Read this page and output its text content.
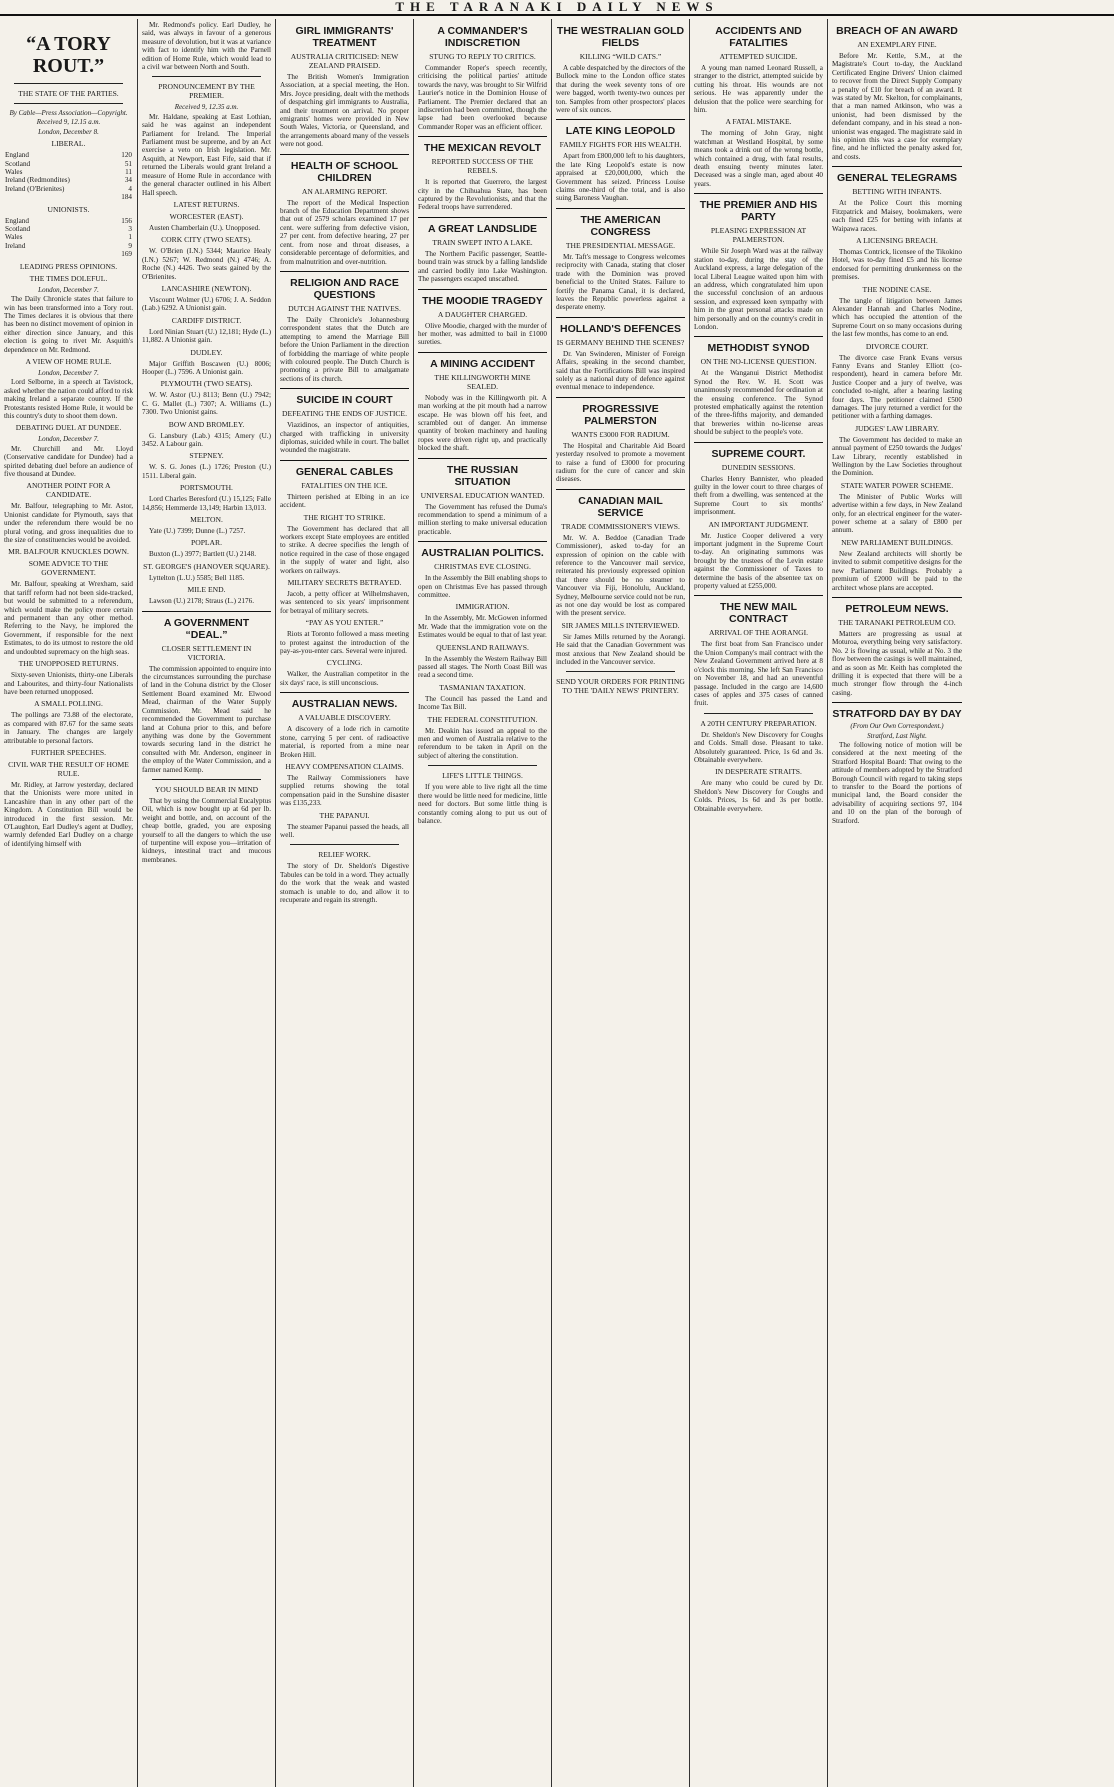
THE TARANAKI DAILY NEWS
“A TORY ROUT.”
THE STATE OF THE PARTIES.
By Cable—Press Association—Copyright.
Received 9, 12.15 a.m.
London, December 8.
LIBERAL.
England	120
Scotland	51
Wales	11
Ireland (Redmondites)	34
Ireland (O'Brienites)	4
	184
UNIONISTS.
England	156
Scotland	3
Wales	1
Ireland	9
	169
LEADING PRESS OPINIONS.
THE TIMES DOLEFUL.
London, December 7.

The Daily Chronicle states that failure to win has been transformed into a Tory rout. The Times declares it is obvious that there has been no distinct movement of opinion in either direction since January, and this election is going to rivet Mr. Asquith's dependence on Mr. Redmond.

A VIEW OF HOME RULE.
London, December 7.

Lord Selborne, in a speech at Tavistock, asked whether the nation could afford to risk making Ireland a separate country. If the Protestants resisted Home Rule, it would be this country's duty to shoot them down.

DEBATING DUEL AT DUNDEE.
London, December 7.

Mr. Churchill and Mr. Lloyd (Conservative candidate for Dundee) had a spirited debating duel before an audience of five thousand at Dundee.

ANOTHER POINT FOR A CANDIDATE.

Mr. Balfour, telegraphing to Mr. Astor, Unionist candidate for Plymouth, says that under the referendum there would be no plural voting, and gross inequalities due to the size of constituencies would be avoided.

MR. BALFOUR KNUCKLES DOWN.
SOME ADVICE TO THE GOVERNMENT.

Mr. Balfour, speaking at Wrexham, said that tariff reform had not been side-tracked, but would be submitted to a referendum, which would make the policy more certain and permanent than any other method. Referring to the Navy, he implored the Government, if responsible for the next Estimates, to do its utmost to restore the old and undoubted supremacy on the high seas.

THE UNOPPOSED RETURNS.

Sixty-seven Unionists, thirty-one Liberals and Labourites, and thirty-four Nationalists have been returned unopposed.

A SMALL POLLING.

The pollings are 73.88 of the electorate, as compared with 87.67 for the same seats in January. The changes are largely attributable to personal factors.

FURTHER SPEECHES.
CIVIL WAR THE RESULT OF HOME RULE.

Mr. Ridley, at Jarrow yesterday, declared that the Unionists were more united in Lancashire than in any other part of the Kingdom. A Constitution Bill would be introduced in the first session. Mr. O'Laughton, Earl Dudley's agent at Dudley, warmly defended Earl Dudley on a charge of identifying himself with

Mr. Redmond's policy. Earl Dudley, he said, was always in favour of a generous measure of devolution, but it was at variance with fact to identify him with the Parnell edition of Home Rule, which would lead to a civil war between North and South.

PRONOUNCEMENT BY THE PREMIER.
Received 9, 12.35 a.m.

Mr. Haldane, speaking at East Lothian, said he was against an independent Parliament for Ireland. The Imperial Parliament must be supreme, and by an Act exercise a veto on Irish legislation. Mr. Asquith, at Newport, East Fife, said that if returned the Liberals would grant Ireland a measure of Home Rule in accordance with the general character outlined in his Albert Hall speech.

LATEST RETURNS.
WORCESTER (EAST).

Austen Chamberlain (U.). Unopposed.

CORK CITY (TWO SEATS).

W. O'Brien (I.N.) 5344; Maurice Healy (I.N.) 5267; W. Redmond (N.) 4746; A. Roche (N.) 4426. Two seats gained by the O'Brienites.

LANCASHIRE (NEWTON).

Viscount Wolmer (U.) 6706; J. A. Seddon (Lab.) 6292. A Unionist gain.

CARDIFF DISTRICT.

Lord Ninian Stuart (U.) 12,181; Hyde (L.) 11,882. A Unionist gain.

DUDLEY.

Major Griffith Boscawen (U.) 8006; Hooper (L.) 7596. A Unionist gain.

PLYMOUTH (TWO SEATS).

W. W. Astor (U.) 8113; Benn (U.) 7942; C. G. Mallet (L.) 7307; A. Williams (L.) 7300. Two Unionist gains.

BOW AND BROMLEY.

G. Lansbury (Lab.) 4315; Amery (U.) 3452. A Labour gain.

STEPNEY.

W. S. G. Jones (L.) 1726; Preston (U.) 1511. Liberal gain.

PORTSMOUTH.

Lord Charles Beresford (U.) 15,125; Falle 14,856; Hemmerde 13,149; Harbin 13,013.

MELTON.

Yate (U.) 7399; Dunne (L.) 7257.

POPLAR.

Buxton (L.) 3977; Bartlett (U.) 2148.

ST. GEORGE'S (HANOVER SQUARE).

Lyttelton (L.U.) 5585; Bell 1185.

MILE END.

Lawson (U.) 2178; Straus (L.) 2176.

A GOVERNMENT “DEAL.”
CLOSER SETTLEMENT IN VICTORIA.

The commission appointed to enquire into the circumstances surrounding the purchase of land in the Cohuna district by the Closer Settlement Board examined Mr. Elwood Mead, chairman of the Water Supply Commission. Mr. Mead said he recommended the Government to purchase land at Cohuna prior to this, and before anything was done by the Government towards securing land in the district he consulted with Mr. Anderson, engineer in the employ of the Water Commission, and a farmer named Kemp.

YOU SHOULD BEAR IN MIND

That by using the Commercial Eucalyptus Oil, which is now bought up at 6d per lb. weight and bottle, and, on account of the cheap bottle, graded, you are exposing yourself to all the dangers to which the use of turpentine will expose you—irritation of kidneys, intestinal tract and mucous membranes.

GIRL IMMIGRANTS' TREATMENT
AUSTRALIA CRITICISED: NEW ZEALAND PRAISED.

The British Women's Immigration Association, at a special meeting, the Hon. Mrs. Joyce presiding, dealt with the methods of despatching girl immigrants to Australia, and their treatment on arrival. No proper emigrants' homes were provided in New South Wales, Victoria, or Queensland, and the arrangements aboard many of the vessels were not good.

HEALTH OF SCHOOL CHILDREN
AN ALARMING REPORT.

The report of the Medical Inspection branch of the Education Department shows that out of 2579 scholars examined 17 per cent. were suffering from defective vision, 27 per cent. from defective hearing, 27 per cent. from nose and throat diseases, a considerable percentage of deformities, and from malnutrition and over-nutrition.

RELIGION AND RACE QUESTIONS
DUTCH AGAINST THE NATIVES.

The Daily Chronicle's Johannesburg correspondent states that the Dutch are attempting to amend the Marriage Bill before the Union Parliament in the direction of forbidding the marriage of white people with coloured people. The Dutch Church is promoting a private Bill to amalgamate sections of its church.

SUICIDE IN COURT
DEFEATING THE ENDS OF JUSTICE.

Viazidinos, an inspector of antiquities, charged with trafficking in university diplomas, suicided while in court. The ballet wounded the magistrate.

GENERAL CABLES
FATALITIES ON THE ICE.

Thirteen perished at Elbing in an ice accident.

THE RIGHT TO STRIKE.

The Government has declared that all workers except State employees are entitled to strike. A decree specifies the length of notice required in the case of those engaged in the supply of water and light, also workers on railways.

MILITARY SECRETS BETRAYED.

Jacob, a petty officer at Wilhelmshaven, was sentenced to six years' imprisonment for betrayal of military secrets.

“PAY AS YOU ENTER.”

Riots at Toronto followed a mass meeting to protest against the introduction of the pay-as-you-enter cars. Several were injured.

CYCLING.

Walker, the Australian competitor in the six days' race, is still unconscious.

AUSTRALIAN NEWS.
A VALUABLE DISCOVERY.

A discovery of a lode rich in carnotite stone, carrying 5 per cent. of radioactive material, is reported from a mine near Broken Hill.

HEAVY COMPENSATION CLAIMS.

The Railway Commissioners have supplied returns showing the total compensation paid in the Sunshine disaster was £135,233.

THE PAPANUI.

The steamer Papanui passed the heads, all well.

RELIEF WORK.

The story of Dr. Sheldon's Digestive Tabules can be told in a word. They actually do the work that the weak and wasted stomach is unable to do, and allow it to recuperate and regain its strength.

A COMMANDER'S INDISCRETION
STUNG TO REPLY TO CRITICS.

Commander Roper's speech recently, criticising the political parties' attitude towards the navy, was brought to Sir Wilfrid Laurier's notice in the Dominion House of Parliament. The Premier declared that an indiscretion had been committed, though the lapse had been overlooked because Commander Roper was an efficient officer.

THE MEXICAN REVOLT
REPORTED SUCCESS OF THE REBELS.

It is reported that Guerrero, the largest city in the Chihuahua State, has been captured by the Revolutionists, and that the Federal troops have surrendered.

A GREAT LANDSLIDE
TRAIN SWEPT INTO A LAKE.

The Northern Pacific passenger, Seattle-bound train was struck by a falling landslide and carried bodily into Lake Washington. The passengers escaped unscathed.

THE MOODIE TRAGEDY
A DAUGHTER CHARGED.

Olive Moodie, charged with the murder of her mother, was admitted to bail in £1000 sureties.

A MINING ACCIDENT
THE KILLINGWORTH MINE SEALED.

Nobody was in the Killingworth pit. A man working at the pit mouth had a narrow escape. He was blown off his feet, and scrambled out of danger. An immense quantity of broken machinery and hauling ropes were driven right up, and practically blocked the shaft.

THE RUSSIAN SITUATION
UNIVERSAL EDUCATION WANTED.

The Government has refused the Duma's recommendation to spend a minimum of a million sterling to make universal education practicable.

AUSTRALIAN POLITICS.
CHRISTMAS EVE CLOSING.

In the Assembly the Bill enabling shops to open on Christmas Eve has passed through committee.

IMMIGRATION.

In the Assembly, Mr. McGowen informed Mr. Wade that the immigration vote on the Estimates would be equal to that of last year.

QUEENSLAND RAILWAYS.

In the Assembly the Western Railway Bill passed all stages. The North Coast Bill was read a second time.

TASMANIAN TAXATION.

The Council has passed the Land and Income Tax Bill.

THE FEDERAL CONSTITUTION.

Mr. Deakin has issued an appeal to the men and women of Australia relative to the referendum to be taken in April on the subject of altering the constitution.

LIFE'S LITTLE THINGS.

If you were able to live right all the time there would be little need for medicine, little need for doctors. But some little thing is constantly coming along to put us out of balance.

THE WESTRALIAN GOLD FIELDS
KILLING “WILD CATS.”

A cable despatched by the directors of the Bullock mine to the London office states that during the week seventy tons of ore were bagged, worth twenty-two ounces per ton. Samples from other prospectors' places were of six ounces.

LATE KING LEOPOLD
FAMILY FIGHTS FOR HIS WEALTH.

Apart from £800,000 left to his daughters, the late King Leopold's estate is now appraised at £20,000,000, which the Government has seized. Princess Louise claims one-third of the total, and is also suing Baroness Vaughan.

THE AMERICAN CONGRESS
THE PRESIDENTIAL MESSAGE.

Mr. Taft's message to Congress welcomes reciprocity with Canada, stating that closer trade with the Dominion was proved beneficial to the United States. Failure to fortify the Panama Canal, it is declared, leaves the Republic powerless against a desperate enemy.

HOLLAND'S DEFENCES
IS GERMANY BEHIND THE SCENES?

Dr. Van Swinderen, Minister of Foreign Affairs, speaking in the second chamber, said that the Fortifications Bill was inspired solely as a national duty of defence against eventual menace to independence.

PROGRESSIVE PALMERSTON
WANTS £3000 FOR RADIUM.

The Hospital and Charitable Aid Board yesterday resolved to promote a movement to raise a fund of £3000 for procuring radium for the cure of cancer and skin diseases.

CANADIAN MAIL SERVICE
TRADE COMMISSIONER'S VIEWS.

Mr. W. A. Beddoe (Canadian Trade Commissioner), asked to-day for an expression of opinion on the cable with reference to the Vancouver mail service, reiterated his previously expressed opinion that there should be no steamer to Vancouver via Fiji, Honolulu, Auckland, Sydney, Melbourne service could not be run, as not one day would be lost as compared with the present service.

SIR JAMES MILLS INTERVIEWED.

Sir James Mills returned by the Aorangi. He said that the Canadian Government was most anxious that New Zealand should be included in the Vancouver service.

SEND YOUR ORDERS FOR PRINTING TO THE 'DAILY NEWS' PRINTERY.
ACCIDENTS AND FATALITIES
ATTEMPTED SUICIDE.

A young man named Leonard Russell, a stranger to the district, attempted suicide by cutting his throat. His wounds are not serious. He was apparently under the delusion that the police were searching for him.

A FATAL MISTAKE.

The morning of John Gray, night watchman at Westland Hospital, by some means took a drink out of the wrong bottle, which contained a drug, with fatal results, death ensuing twenty minutes later. Deceased was a single man, aged about 40 years.

THE PREMIER AND HIS PARTY
PLEASING EXPRESSION AT PALMERSTON.

While Sir Joseph Ward was at the railway station to-day, during the stay of the Auckland express, a large delegation of the local Liberal League waited upon him with an address, which congratulated him upon the successful conclusion of an arduous session, and expressed keen sympathy with him in the great personal attacks made on him personally and on the country's credit in London.

METHODIST SYNOD
ON THE NO-LICENSE QUESTION.

At the Wanganui District Methodist Synod the Rev. W. H. Scott was unanimously recommended for ordination at the ensuing conference. The Synod protested emphatically against the retention of the three-fifths majority, and demanded that breweries within no-license areas should be subject to the people's vote.

SUPREME COURT.
DUNEDIN SESSIONS.

Charles Henry Bannister, who pleaded guilty in the lower court to three charges of theft from a dwelling, was sentenced at the Supreme Court to six months' imprisonment.

AN IMPORTANT JUDGMENT.

Mr. Justice Cooper delivered a very important judgment in the Supreme Court to-day. An originating summons was brought by the trustees of the Levin estate against the Commissioner of Taxes to determine the basis of the absentee tax on property valued at £255,000.

THE NEW MAIL CONTRACT
ARRIVAL OF THE AORANGI.

The first boat from San Francisco under the Union Company's mail contract with the New Zealand Government arrived here at 8 o'clock this morning. She left San Francisco on November 18, and had an uneventful passage. Included in the cargo are 14,600 cases of apples and 375 cases of canned fruit.

A 20TH CENTURY PREPARATION.

Dr. Sheldon's New Discovery for Coughs and Colds. Small dose. Pleasant to take. Absolutely guaranteed. Price, 1s 6d and 3s. Obtainable everywhere.

IN DESPERATE STRAITS.

Are many who could be cured by Dr. Sheldon's New Discovery for Coughs and Colds. Prices, 1s 6d and 3s per bottle. Obtainable everywhere.

BREACH OF AN AWARD
AN EXEMPLARY FINE.

Before Mr. Kettle, S.M., at the Magistrate's Court to-day, the Auckland Certificated Engine Drivers' Union claimed to recover from the Direct Supply Company a penalty of £10 for breach of an award. It was stated by Mr. Skelton, for complainants, that a man named Atkinson, who was a unionist, had been dismissed by the defendant company, and in his stead a non-unionist was engaged. The magistrate said in his opinion this was a case for exemplary fine, and he inflicted the penalty asked for, and costs.

GENERAL TELEGRAMS
BETTING WITH INFANTS.

At the Police Court this morning Fitzpatrick and Maisey, bookmakers, were each fined £25 for betting with infants at Waipawa races.

A LICENSING BREACH.

Thomas Contrick, licensee of the Tikokino Hotel, was to-day fined £5 and his license endorsed for permitting drunkenness on the premises.

THE NODINE CASE.

The tangle of litigation between James Alexander Hannah and Charles Nodine, which has occupied the attention of the Supreme Court on so many occasions during the last few months, has come to an end.

DIVORCE COURT.

The divorce case Frank Evans versus Fanny Evans and Stanley Elliott (co-respondent), heard in camera before Mr. Justice Cooper and a jury of twelve, was concluded to-night, after a hearing lasting four days. The petitioner claimed £500 damages. The jury returned a verdict for the petitioner with a farthing damages.

JUDGES' LAW LIBRARY.

The Government has decided to make an annual payment of £250 towards the Judges' Law Library, recently established in Wellington by the Law Societies throughout the Dominion.

STATE WATER POWER SCHEME.

The Minister of Public Works will advertise within a few days, in New Zealand only, for an electrical engineer for the water-power scheme at a salary of £800 per annum.

NEW PARLIAMENT BUILDINGS.

New Zealand architects will shortly be invited to submit competitive designs for the new Parliament Buildings. Probably a premium of £2000 will be paid to the architect whose plans are accepted.

PETROLEUM NEWS.
THE TARANAKI PETROLEUM CO.

Matters are progressing as usual at Moturoa, everything being very satisfactory. No. 2 is flowing as usual, while at No. 3 the flow between the casings is well maintained, and as soon as Mr. Keith has completed the drilling it is expected that there will be a much stronger flow through the 4-inch casing.

STRATFORD DAY BY DAY
(From Our Own Correspondent.)
Stratford, Last Night.

The following notice of motion will be considered at the next meeting of the Stratford Hospital Board: That owing to the attitude of members adopted by the Stratford Borough Council with regard to taking steps to transfer to the Board the portions of municipal land, the Board consider the advisability of acquiring sections 97, 104 and 10 on the plan of the borough of Stratford.
